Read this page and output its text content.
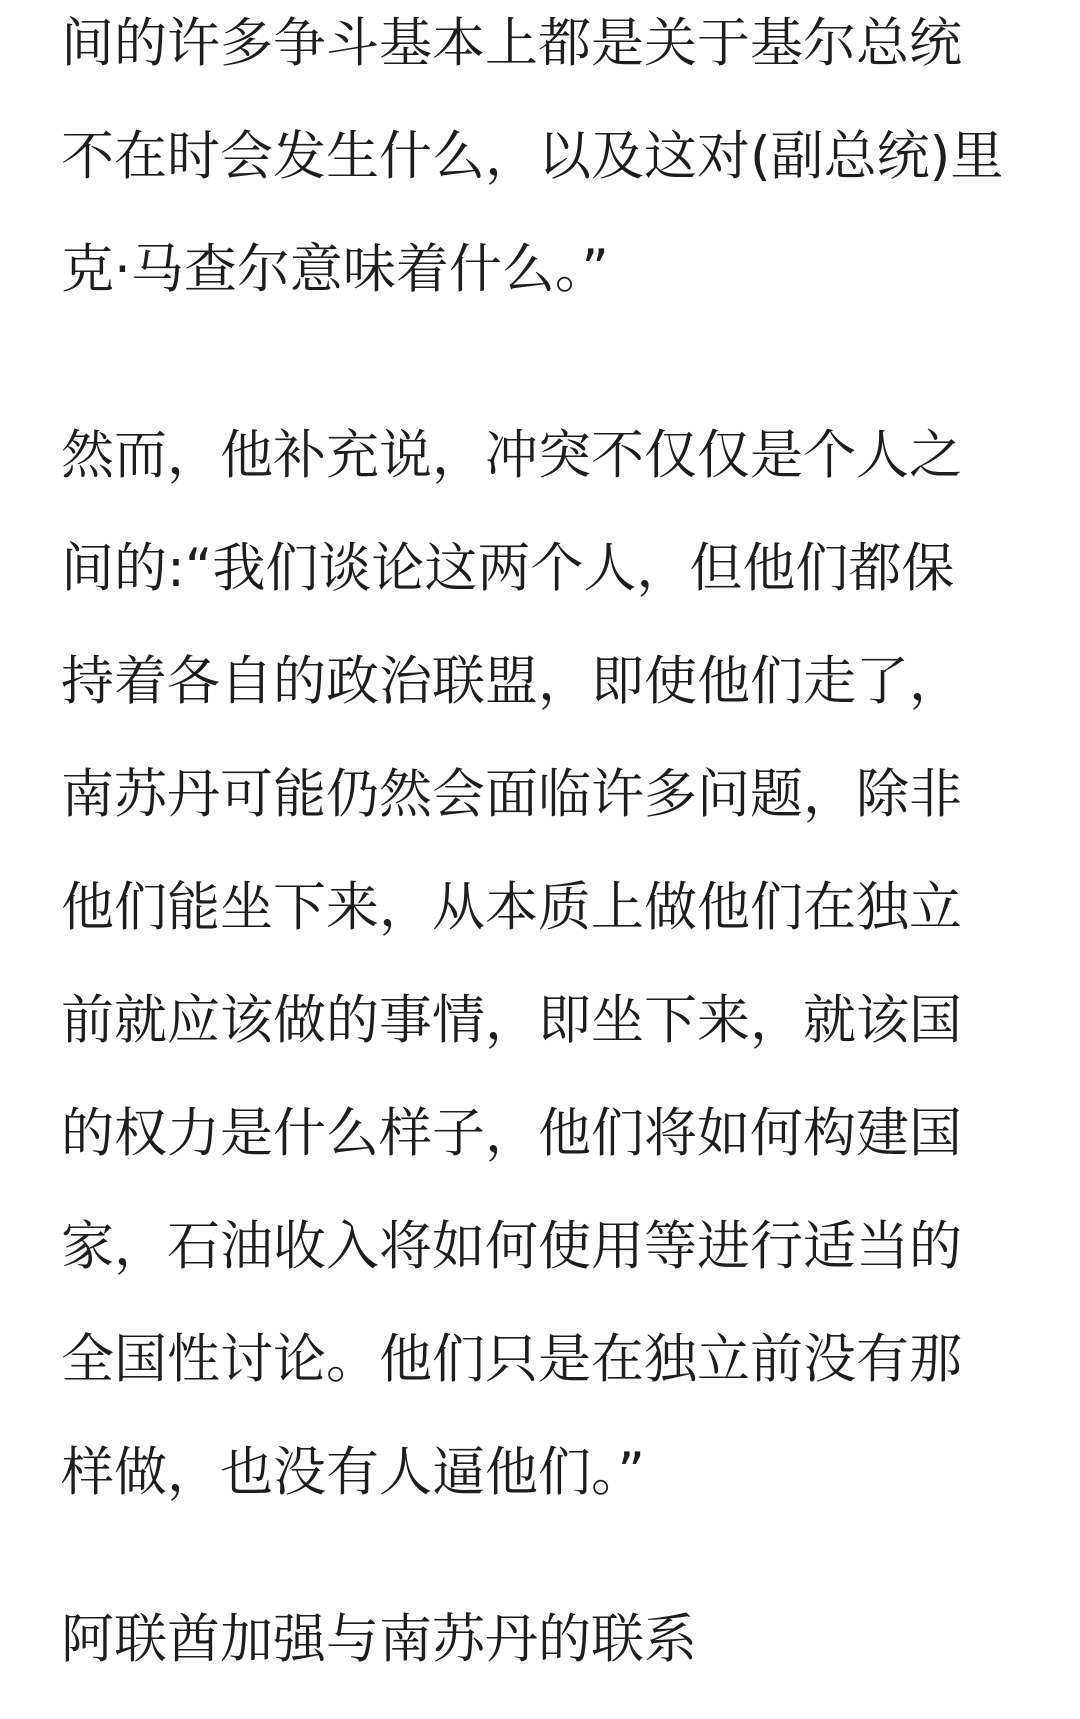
间的许多争斗基本上都是关于基尔总统
不在时会发生什么，以及这对(副总统)里
克·马查尔意味着什么。”

然而，他补充说，冲突不仅仅是个人之
间的:“我们谈论这两个人，但他们都保
持着各自的政治联盟，即使他们走了，
南苏丹可能仍然会面临许多问题，除非
他们能坐下来，从本质上做他们在独立
前就应该做的事情，即坐下来，就该国
的权力是什么样子，他们将如何构建国
家，石油收入将如何使用等进行适当的
全国性讨论。他们只是在独立前没有那
样做，也没有人逼他们。”

阿联酋加强与南苏丹的联系
